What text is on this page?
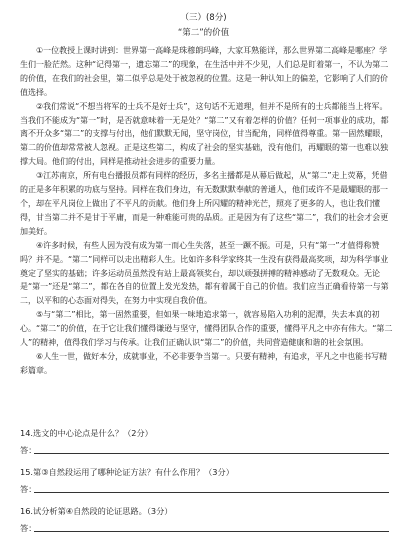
（三）(8分)
“第二”的价值

①一位教授上课时讲到：世界第一高峰是珠穆朗玛峰，大家耳熟能详，那么世界第二高峰是哪座？学生们一脸茫然。这种“记得第一，遗忘第二”的现象，在生活中并不少见，人们总是盯着第一，不认为第二的价值，在我们的社会里，第二似乎总是处于被忽视的位置。这是一种认知上的偏差，它影响了人们的价值选择。

②我们常说“不想当将军的士兵不是好士兵”，这句话不无道理，但并不是所有的士兵都能当上将军。当我们不能成为“第一”时，是否就意味着一无是处？“第二”又有着怎样的价值？任何一项事业的成功，都离不开众多“第二”的支撑与付出，他们默默无闻，坚守岗位，甘当配角，同样值得尊重。第一固然耀眼，第二的价值却常常被人忽视。正是这些第二，构成了社会的坚实基础，没有他们，再耀眼的第一也难以独撑大局。他们的付出，同样是推动社会进步的重要力量。

③江苏南京，所有电台播报员都有同样的经历，多名主播都是从幕后做起，从“第二”走上荧幕，凭借的正是多年积累的功底与坚持。同样在我们身边，有无数默默奉献的普通人，他们或许不是最耀眼的那一个，却在平凡岗位上做出了不平凡的贡献。他们身上所闪耀的精神光芒，照亮了更多的人，也让我们懂得，甘当第二并不是甘于平庸，而是一种难能可贵的品质。正是因为有了这些“第二”，我们的社会才会更加美好。

④许多时候，有些人因为没有成为第一而心生失落，甚至一蹶不振。可是，只有“第一”才值得称赞吗？并不是。“第二”同样可以走出精彩人生。比如许多科学家终其一生没有获得最高奖项，却为科学事业奠定了坚实的基础；许多运动员虽然没有站上最高领奖台，却以顽强拼搏的精神感动了无数观众。无论是“第一”还是“第二”，都在各自的位置上发光发热，都有着属于自己的价值。我们应当正确看待第一与第二，以平和的心态面对得失，在努力中实现自我价值。

⑤与“第二”相比，第一固然重要，但如果一味地追求第一，就容易陷入功利的泥潭，失去本真的初心。“第二”的价值，在于它让我们懂得谦逊与坚守，懂得团队合作的重要，懂得平凡之中亦有伟大。“第二人”的精神，值得我们学习与传承。让我们正确认识“第二”的价值，共同营造健康和谐的社会氛围。

⑥人生一世，做好本分，成就事业，不必非要争当第一。只要有精神，有追求，平凡之中也能书写精彩篇章。

14.选文的中心论点是什么？（2分）
答：
15.第③自然段运用了哪种论证方法？有什么作用？（3分）
答：
16.试分析第④自然段的论证思路。（3分）
答：
